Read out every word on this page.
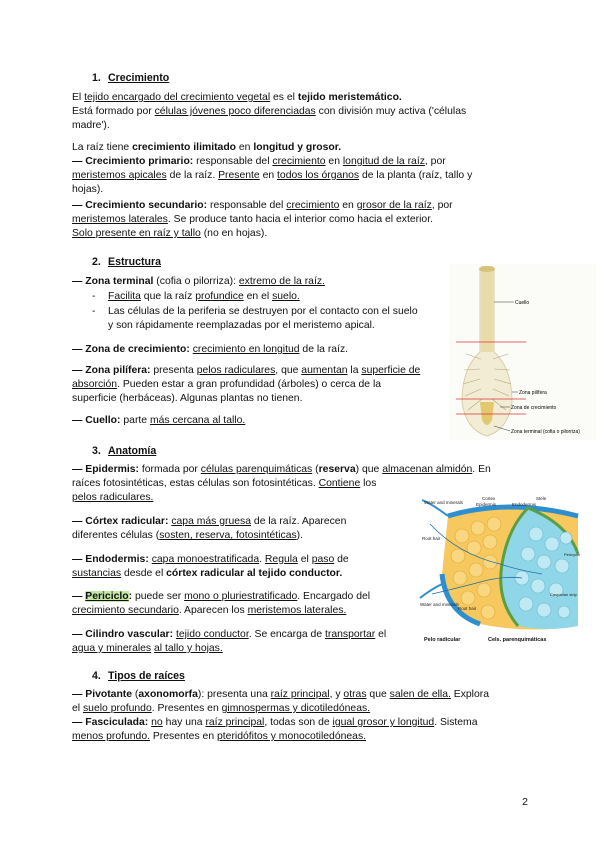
1. Crecimiento
El tejido encargado del crecimiento vegetal es el tejido meristemático.
Está formado por células jóvenes poco diferenciadas con división muy activa ('células
madre').
La raíz tiene crecimiento ilimitado en longitud y grosor.
— Crecimiento primario: responsable del crecimiento en longitud de la raíz, por
meristemos apicales de la raíz. Presente en todos los órganos de la planta (raíz, tallo y
hojas).
— Crecimiento secundario: responsable del crecimiento en grosor de la raíz, por
meristemos laterales. Se produce tanto hacia el interior como hacia el exterior.
Solo presente en raíz y tallo (no en hojas).
2. Estructura
— Zona terminal (cofia o pilorriza): extremo de la raíz.
- Facilita que la raíz profundice en el suelo.
- Las células de la periferia se destruyen por el contacto con el suelo
y son rápidamente reemplazadas por el meristemo apical.
— Zona de crecimiento: crecimiento en longitud de la raíz.
— Zona pilífera: presenta pelos radiculares, que aumentan la superficie de
absorción. Pueden estar a gran profundidad (árboles) o cerca de la
superficie (herbáceas). Algunas plantas no tienen.
— Cuello: parte más cercana al tallo.
Cuello
Zona pilífera
Zona de crecimiento
Zona terminal (cofia o pilorriza)
3. Anatomía
— Epidermis: formada por células parenquimáticas (reserva) que almacenan almidón. En
raíces fotosintéticas, estas células son fotosintéticas. Contiene los
pelos radiculares.
— Córtex radicular: capa más gruesa de la raíz. Aparecen
diferentes células (sosten, reserva, fotosintéticas).
— Endodermis: capa monoestratificada. Regula el paso de
sustancias desde el córtex radicular al tejido conductor.
— Periciclo: puede ser mono o pluriestratificado. Encargado del
crecimiento secundario. Aparecen los meristemos laterales.
— Cilindro vascular: tejido conductor. Se encarga de transportar el
agua y minerales al tallo y hojas.
Water and minerals
Cortex
Epidermis	Endodermis
Stele
Root hair
Pericycle
Casparian strip
Water and minerals
Root hair
Pelo radicular	Cels. parenquimáticas
4. Tipos de raíces
— Pivotante (axonomorfa): presenta una raíz principal, y otras que salen de ella. Explora
el suelo profundo. Presentes en gimnospermas y dicotiledóneas.
— Fasciculada: no hay una raíz principal, todas son de igual grosor y longitud. Sistema
menos profundo. Presentes en pteridófitos y monocotiledóneas.
2
